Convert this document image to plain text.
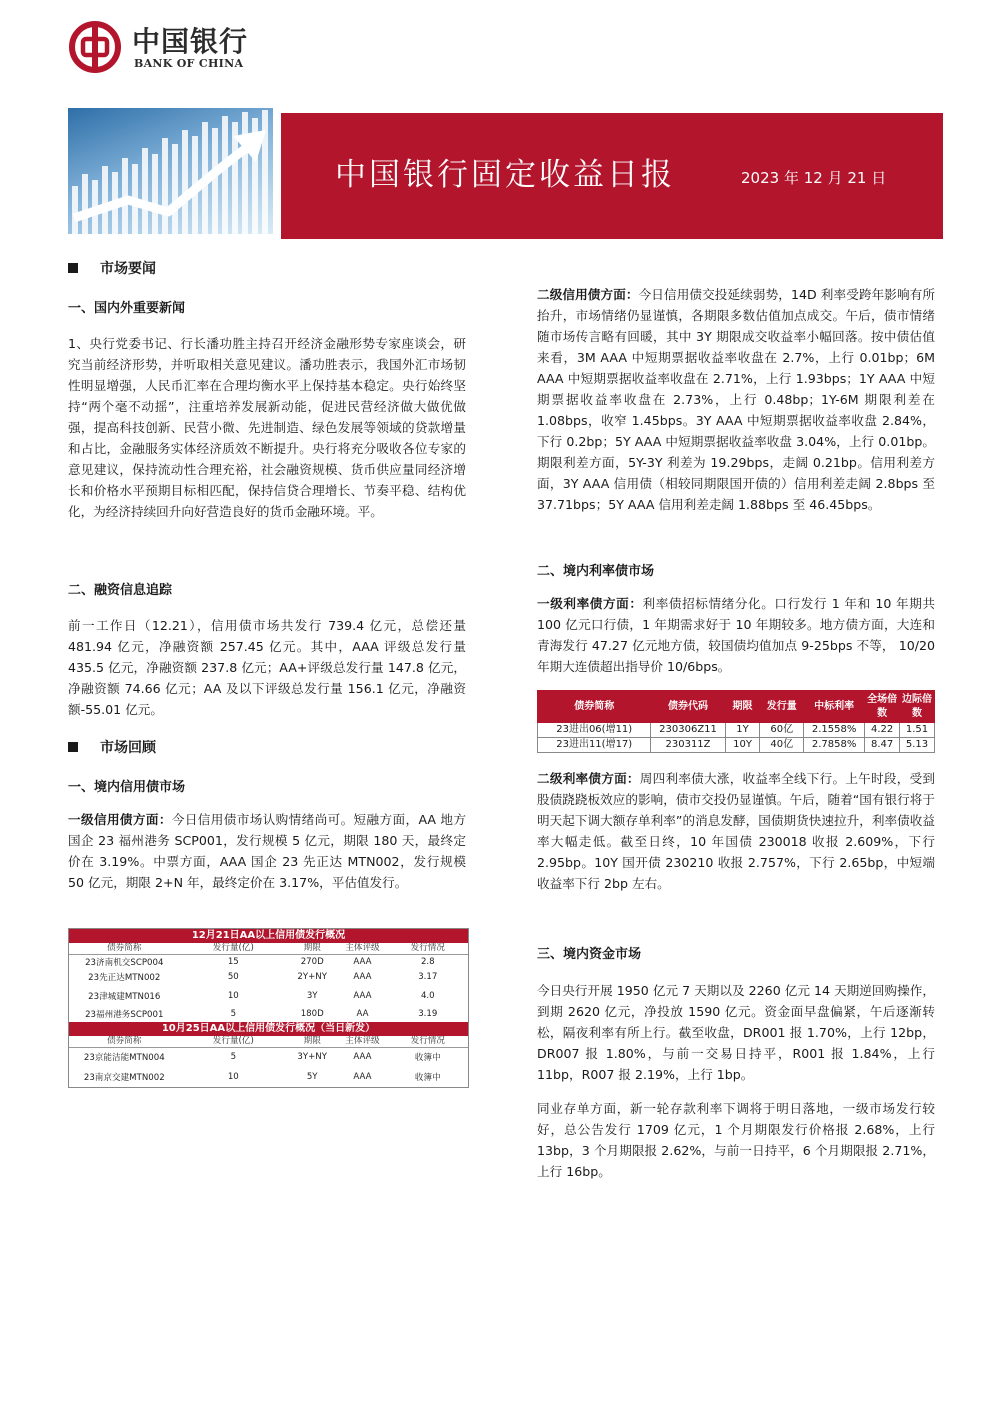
中国银行
BANK OF CHINA
中国银行固定收益日报	2023 年 12 月 21 日
市场要闻
一、国内外重要新闻
1、央行党委书记、行长潘功胜主持召开经济金融形势专家座谈会，研究当前经济形势，并听取相关意见建议。潘功胜表示，我国外汇市场韧性明显增强，人民币汇率在合理均衡水平上保持基本稳定。央行始终坚持“两个毫不动摇”，注重培养发展新动能，促进民营经济做大做优做强，提高科技创新、民营小微、先进制造、绿色发展等领域的贷款增量和占比，金融服务实体经济质效不断提升。央行将充分吸收各位专家的意见建议，保持流动性合理充裕，社会融资规模、货币供应量同经济增长和价格水平预期目标相匹配，保持信贷合理增长、节奏平稳、结构优化，为经济持续回升向好营造良好的货币金融环境。平。
二、融资信息追踪
前一工作日（12.21），信用债市场共发行 739.4 亿元，总偿还量 481.94 亿元，净融资额 257.45 亿元。其中，AAA 评级总发行量 435.5 亿元，净融资额 237.8 亿元；AA+评级总发行量 147.8 亿元，净融资额 74.66 亿元；AA 及以下评级总发行量 156.1 亿元，净融资额-55.01 亿元。
市场回顾
一、境内信用债市场
一级信用债方面：今日信用债市场认购情绪尚可。短融方面，AA 地方国企 23 福州港务 SCP001，发行规模 5 亿元，期限 180 天，最终定价在 3.19%。中票方面，AAA 国企 23 先正达 MTN002，发行规模 50 亿元，期限 2+N 年，最终定价在 3.17%，平估值发行。
12月21日AA以上信用债发行概况
债券简称	发行量(亿)	期限	主体评级	发行情况
23济南机交SCP004	15	270D	AAA	2.8
23先正达MTN002	50	2Y+NY	AAA	3.17
23津城建MTN016	10	3Y	AAA	4.0
23福州港务SCP001	5	180D	AA	3.19
10月25日AA以上信用债发行概况（当日新发）
债券简称	发行量(亿)	期限	主体评级	发行情况
23京能洁能MTN004	5	3Y+NY	AAA	收簿中
23南京交建MTN002	10	5Y	AAA	收簿中
二级信用债方面：今日信用债交投延续弱势，14D 利率受跨年影响有所抬升，市场情绪仍显谨慎，各期限多数估值加点成交。午后，债市情绪随市场传言略有回暖，其中 3Y 期限成交收益率小幅回落。按中债估值来看，3M AAA 中短期票据收益率收盘在 2.7%，上行 0.01bp；6M AAA 中短期票据收益率收盘在 2.71%，上行 1.93bps；1Y AAA 中短期票据收益率收盘在 2.73%，上行 0.48bp；1Y-6M 期限利差在 1.08bps，收窄 1.45bps。3Y AAA 中短期票据收益率收盘 2.84%，下行 0.2bp；5Y AAA 中短期票据收益率收盘 3.04%，上行 0.01bp。期限利差方面，5Y-3Y 利差为 19.29bps，走阔 0.21bp。信用利差方面，3Y AAA 信用债（相较同期限国开债的）信用利差走阔 2.8bps 至 37.71bps；5Y AAA 信用利差走阔 1.88bps 至 46.45bps。
二、境内利率债市场
一级利率债方面：利率债招标情绪分化。口行发行 1 年和 10 年期共 100 亿元口行债，1 年期需求好于 10 年期较多。地方债方面，大连和青海发行 47.27 亿元地方债，较国债均值加点 9-25bps 不等， 10/20 年期大连债超出指导价 10/6bps。
债券简称	债券代码	期限	发行量	中标利率	全场倍数	边际倍数
23进出06(增11)	230306Z11	1Y	60亿	2.1558%	4.22	1.51
23进出11(增17)	230311Z	10Y	40亿	2.7858%	8.47	5.13
二级利率债方面：周四利率债大涨，收益率全线下行。上午时段，受到股债跷跷板效应的影响，债市交投仍显谨慎。午后，随着“国有银行将于明天起下调大额存单利率”的消息发酵，国债期货快速拉升，利率债收益率大幅走低。截至日终，10 年国债 230018 收报 2.609%，下行 2.95bp。10Y 国开债 230210 收报 2.757%，下行 2.65bp，中短端收益率下行 2bp 左右。
三、境内资金市场
今日央行开展 1950 亿元 7 天期以及 2260 亿元 14 天期逆回购操作，到期 2620 亿元，净投放 1590 亿元。资金面早盘偏紧，午后逐渐转松，隔夜利率有所上行。截至收盘，DR001 报 1.70%，上行 12bp，DR007 报 1.80%，与前一交易日持平，R001 报 1.84%，上行 11bp，R007 报 2.19%，上行 1bp。
同业存单方面，新一轮存款利率下调将于明日落地，一级市场发行较好，总公告发行 1709 亿元，1 个月期限发行价格报 2.68%，上行 13bp，3 个月期限报 2.62%，与前一日持平，6 个月期限报 2.71%，上行 16bp。
